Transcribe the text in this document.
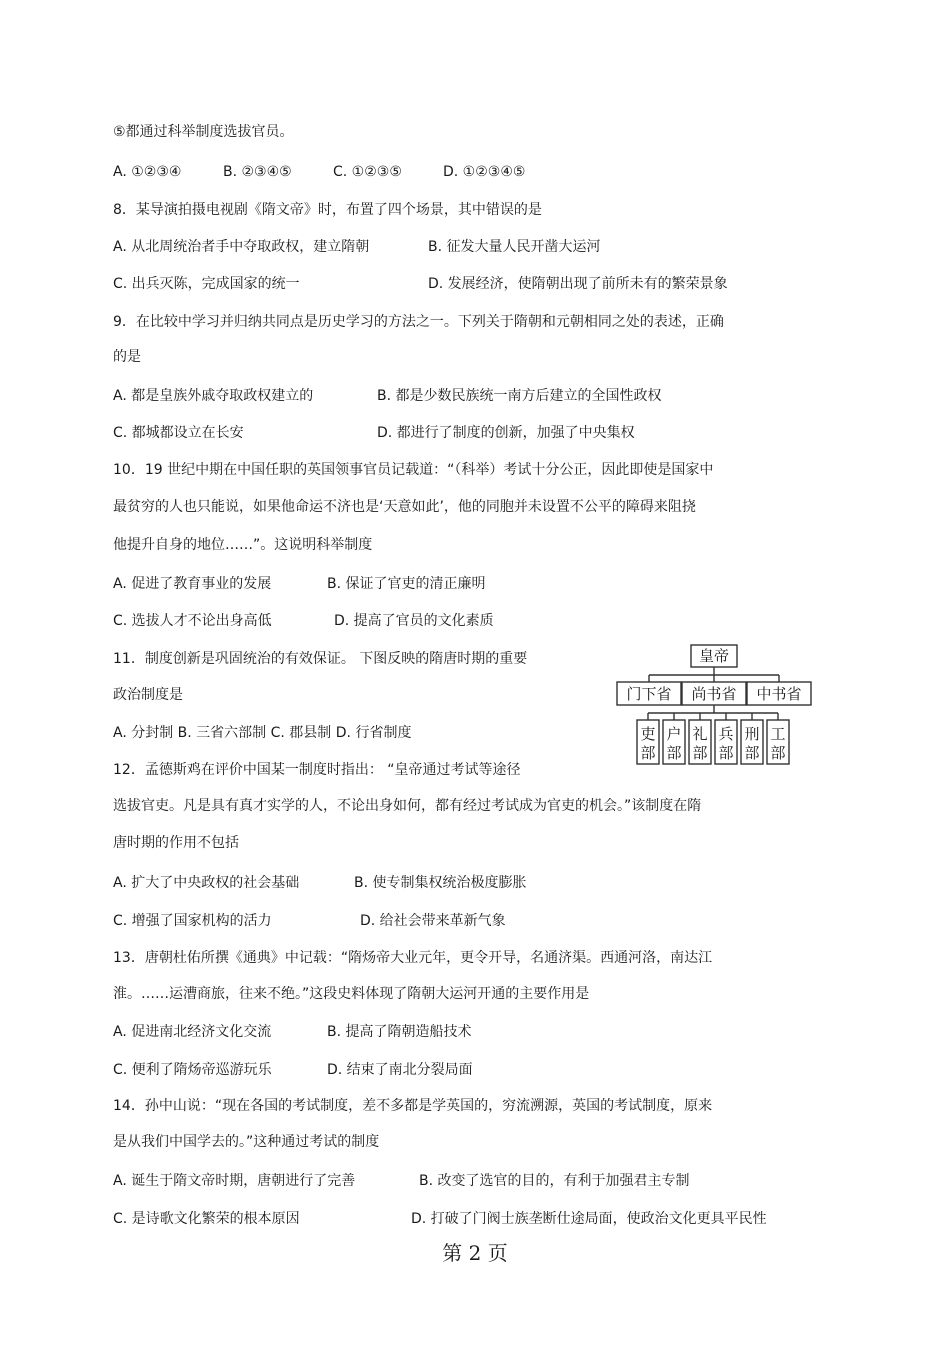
⑤都通过科举制度选拔官员。
A. ①②③④	B. ②③④⑤	C. ①②③⑤	D. ①②③④⑤
8．某导演拍摄电视剧《隋文帝》时，布置了四个场景，其中错误的是
A. 从北周统治者手中夺取政权，建立隋朝	B. 征发大量人民开凿大运河
C. 出兵灭陈，完成国家的统一	D. 发展经济，使隋朝出现了前所未有的繁荣景象
9．在比较中学习并归纳共同点是历史学习的方法之一。下列关于隋朝和元朝相同之处的表述，正确
的是
A. 都是皇族外戚夺取政权建立的	B. 都是少数民族统一南方后建立的全国性政权
C. 都城都设立在长安	D. 都进行了制度的创新，加强了中央集权
10．19 世纪中期在中国任职的英国领事官员记载道：“（科举）考试十分公正，因此即使是国家中
最贫穷的人也只能说，如果他命运不济也是‘天意如此’，他的同胞并未设置不公平的障碍来阻挠
他提升自身的地位……”。这说明科举制度
A. 促进了教育事业的发展	B. 保证了官吏的清正廉明
C. 选拔人才不论出身高低	D. 提高了官员的文化素质
11．制度创新是巩固统治的有效保证。 下图反映的隋唐时期的重要
政治制度是
A. 分封制 B. 三省六部制 C. 郡县制 D. 行省制度
12．孟德斯鸡在评价中国某一制度时指出： “皇帝通过考试等途径
选拔官吏。凡是具有真才实学的人，不论出身如何，都有经过考试成为官吏的机会。”该制度在隋
唐时期的作用不包括
A. 扩大了中央政权的社会基础	B. 使专制集权统治极度膨胀
C. 增强了国家机构的活力	D. 给社会带来革新气象
13．唐朝杜佑所撰《通典》中记载：“隋炀帝大业元年，更令开导，名通济渠。西通河洛，南达江
淮。……运漕商旅，往来不绝。”这段史料体现了隋朝大运河开通的主要作用是
A. 促进南北经济文化交流	B. 提高了隋朝造船技术
C. 便利了隋炀帝巡游玩乐	D. 结束了南北分裂局面
14．孙中山说：“现在各国的考试制度，差不多都是学英国的，穷流溯源，英国的考试制度，原来
是从我们中国学去的。”这种通过考试的制度
A. 诞生于隋文帝时期，唐朝进行了完善	B. 改变了选官的目的，有利于加强君主专制
C. 是诗歌文化繁荣的根本原因	D. 打破了门阀士族垄断仕途局面，使政治文化更具平民性
皇帝
门下省 尚书省 中书省
吏
部
户
部
礼
部
兵
部
刑
部
工
部
第 2 页
